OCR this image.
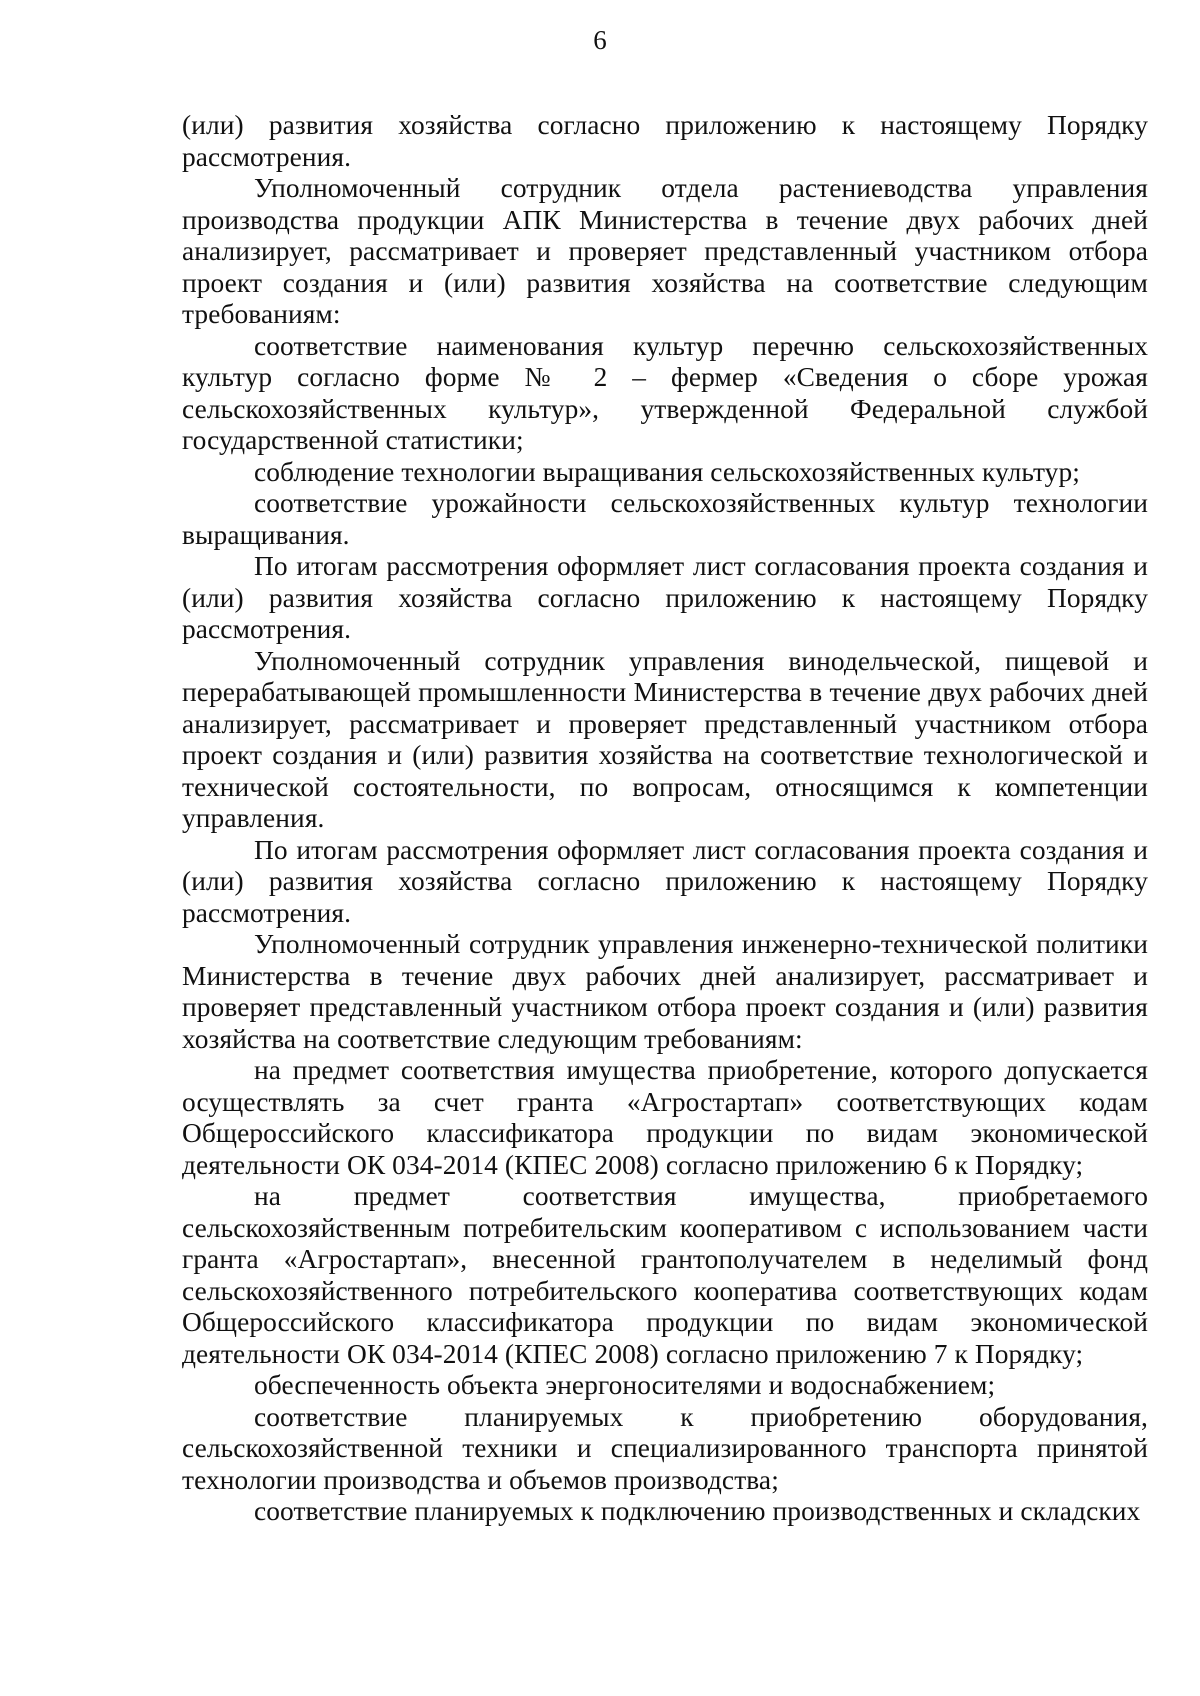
6

(или) развития хозяйства согласно приложению к настоящему Порядку рассмотрения.

Уполномоченный сотрудник отдела растениеводства управления производства продукции АПК Министерства в течение двух рабочих дней анализирует, рассматривает и проверяет представленный участником отбора проект создания и (или) развития хозяйства на соответствие следующим требованиям:

соответствие наименования культур перечню сельскохозяйственных культур согласно форме № 2 – фермер «Сведения о сборе урожая сельскохозяйственных культур», утвержденной Федеральной службой государственной статистики;

соблюдение технологии выращивания сельскохозяйственных культур;

соответствие урожайности сельскохозяйственных культур технологии выращивания.

По итогам рассмотрения оформляет лист согласования проекта создания и (или) развития хозяйства согласно приложению к настоящему Порядку рассмотрения.

Уполномоченный сотрудник управления винодельческой, пищевой и перерабатывающей промышленности Министерства в течение двух рабочих дней анализирует, рассматривает и проверяет представленный участником отбора проект создания и (или) развития хозяйства на соответствие технологической и технической состоятельности, по вопросам, относящимся к компетенции управления.

По итогам рассмотрения оформляет лист согласования проекта создания и (или) развития хозяйства согласно приложению к настоящему Порядку рассмотрения.

Уполномоченный сотрудник управления инженерно-технической политики Министерства в течение двух рабочих дней анализирует, рассматривает и проверяет представленный участником отбора проект создания и (или) развития хозяйства на соответствие следующим требованиям:

на предмет соответствия имущества приобретение, которого допускается осуществлять за счет гранта «Агростартап» соответствующих кодам Общероссийского классификатора продукции по видам экономической деятельности ОК 034-2014 (КПЕС 2008) согласно приложению 6 к Порядку;

на предмет соответствия имущества, приобретаемого сельскохозяйственным потребительским кооперативом с использованием части гранта «Агростартап», внесенной грантополучателем в неделимый фонд сельскохозяйственного потребительского кооператива соответствующих кодам Общероссийского классификатора продукции по видам экономической деятельности ОК 034-2014 (КПЕС 2008) согласно приложению 7 к Порядку;

обеспеченность объекта энергоносителями и водоснабжением;

соответствие планируемых к приобретению оборудования, сельскохозяйственной техники и специализированного транспорта принятой технологии производства и объемов производства;

соответствие планируемых к подключению производственных и складских
